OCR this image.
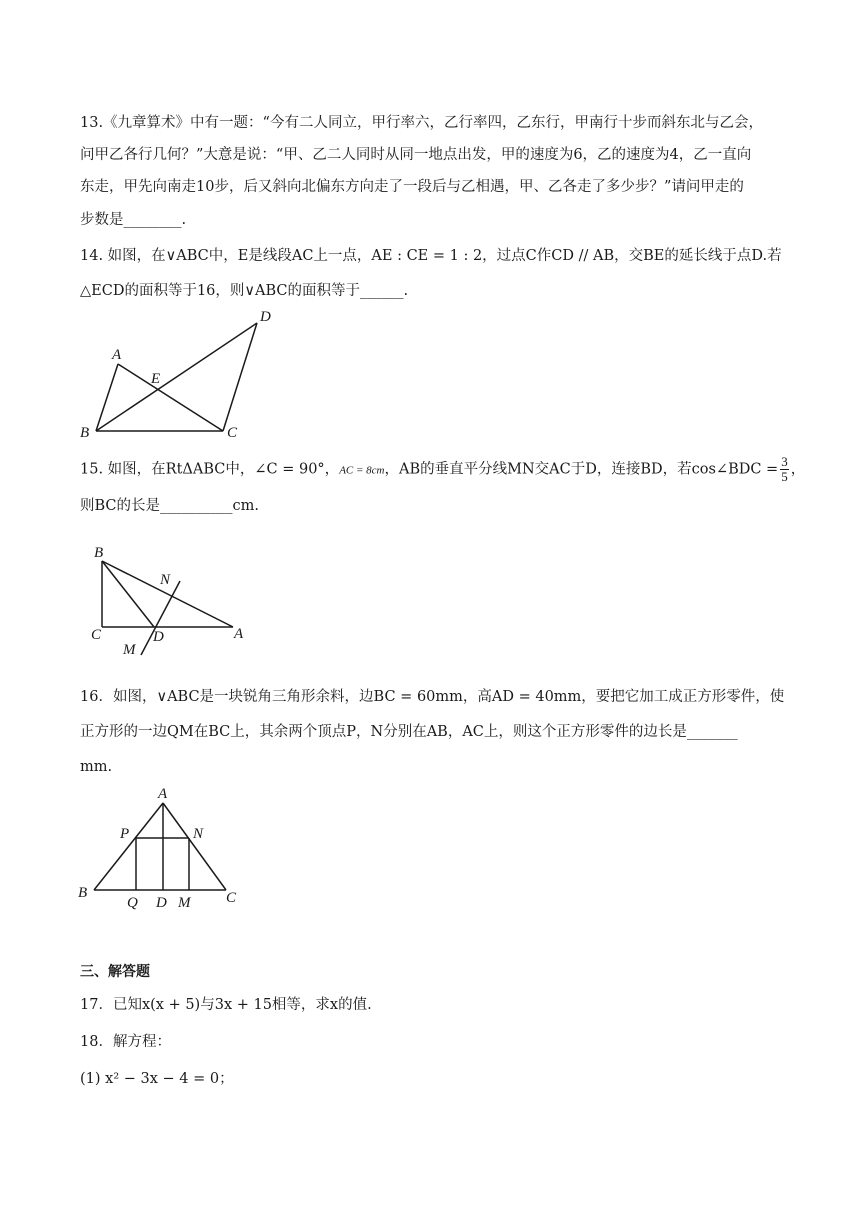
13.《九章算术》中有一题：“今有二人同立，甲行率六，乙行率四，乙东行，甲南行十步而斜东北与乙会，
问甲乙各行几何？”大意是说：“甲、乙二人同时从同一地点出发，甲的速度为6，乙的速度为4，乙一直向
东走，甲先向南走10步，后又斜向北偏东方向走了一段后与乙相遇，甲、乙各走了多少步？”请问甲走的
步数是________.
14. 如图，在∨ABC中，E是线段AC上一点，AE : CE = 1 : 2，过点C作CD // AB，交BE的延长线于点D.若
△ECD的面积等于16，则∨ABC的面积等于______.
A
B	C
D
E
15. 如图，在RtΔABC中，∠C = 90°，AC = 8cm，AB的垂直平分线MN交AC于D，连接BD，若cos∠BDC = $\frac{3}{5}$ ，
则BC的长是__________cm.
B
N
C	D	A
M
16．如图，∨ABC是一块锐角三角形余料，边BC = 60mm，高AD = 40mm，要把它加工成正方形零件，使
正方形的一边QM在BC上，其余两个顶点P，N分别在AB，AC上，则这个正方形零件的边长是_______
mm.
A
P	N
B
Q D M C
三、解答题
17．已知x(x + 5)与3x + 15相等，求x的值.
18．解方程：
(1) x² − 3x − 4 = 0；
